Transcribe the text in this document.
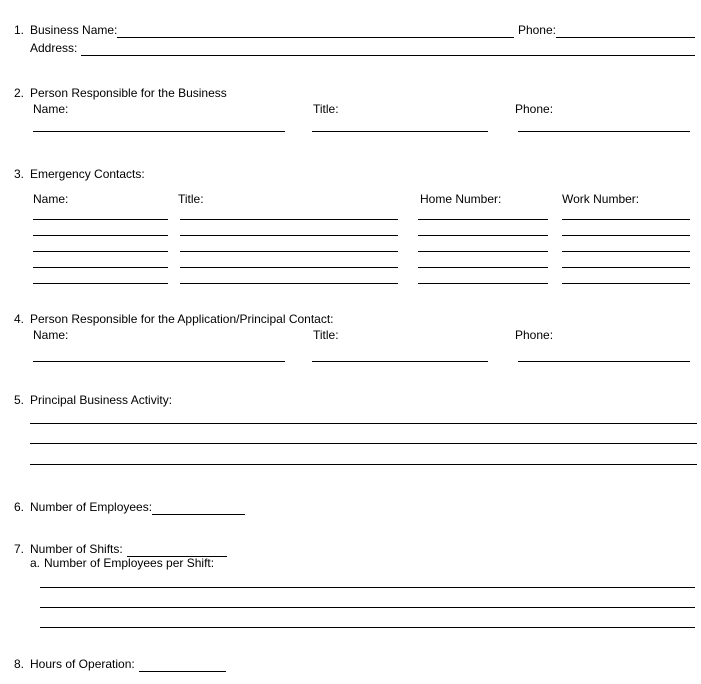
1. Business Name:	Phone:
Address:
2. Person Responsible for the Business
Name:	Title:	Phone:
3. Emergency Contacts:
Name:	Title:	Home Number:	Work Number:
4. Person Responsible for the Application/Principal Contact:
Name:	Title:	Phone:
5. Principal Business Activity:
6. Number of Employees:
7. Number of Shifts:
a. Number of Employees per Shift:
8. Hours of Operation:
